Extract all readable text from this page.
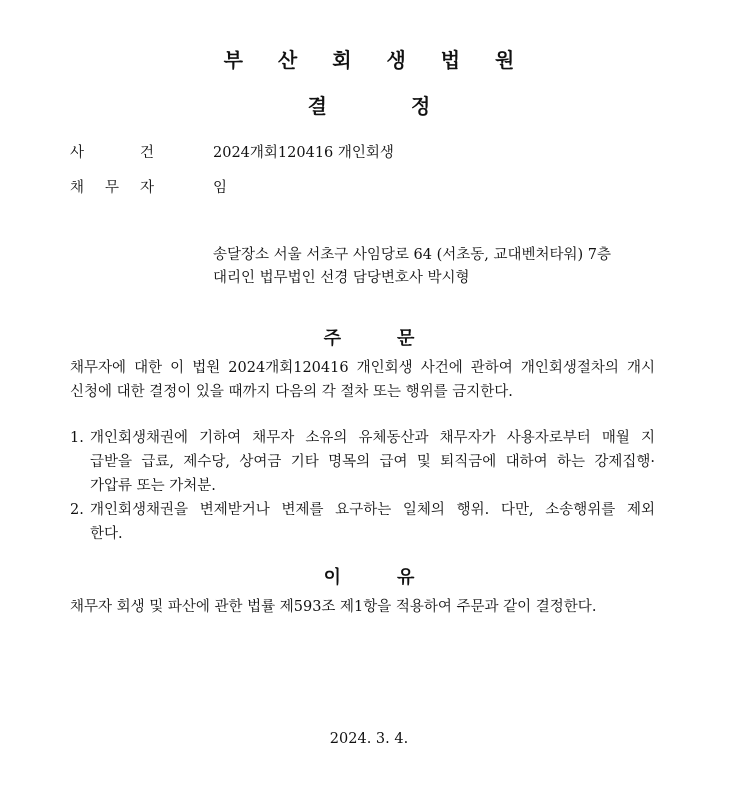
부 산 회 생 법 원
결	정
사	건	2024개회120416 개인회생
채 무 자	임
송달장소 서울 서초구 사임당로 64 (서초동, 교대벤처타워) 7층
대리인 법무법인 선경 담당변호사 박시형
주	문
채무자에 대한 이 법원 2024개회120416 개인회생 사건에 관하여 개인회생절차의 개시
신청에 대한 결정이 있을 때까지 다음의 각 절차 또는 행위를 금지한다.
1. 개인회생채권에 기하여 채무자 소유의 유체동산과 채무자가 사용자로부터 매월 지
급받을 급료, 제수당, 상여금 기타 명목의 급여 및 퇴직금에 대하여 하는 강제집행·
가압류 또는 가처분.
2. 개인회생채권을 변제받거나 변제를 요구하는 일체의 행위. 다만, 소송행위를 제외
한다.
이	유
채무자 회생 및 파산에 관한 법률 제593조 제1항을 적용하여 주문과 같이 결정한다.
2024. 3. 4.
